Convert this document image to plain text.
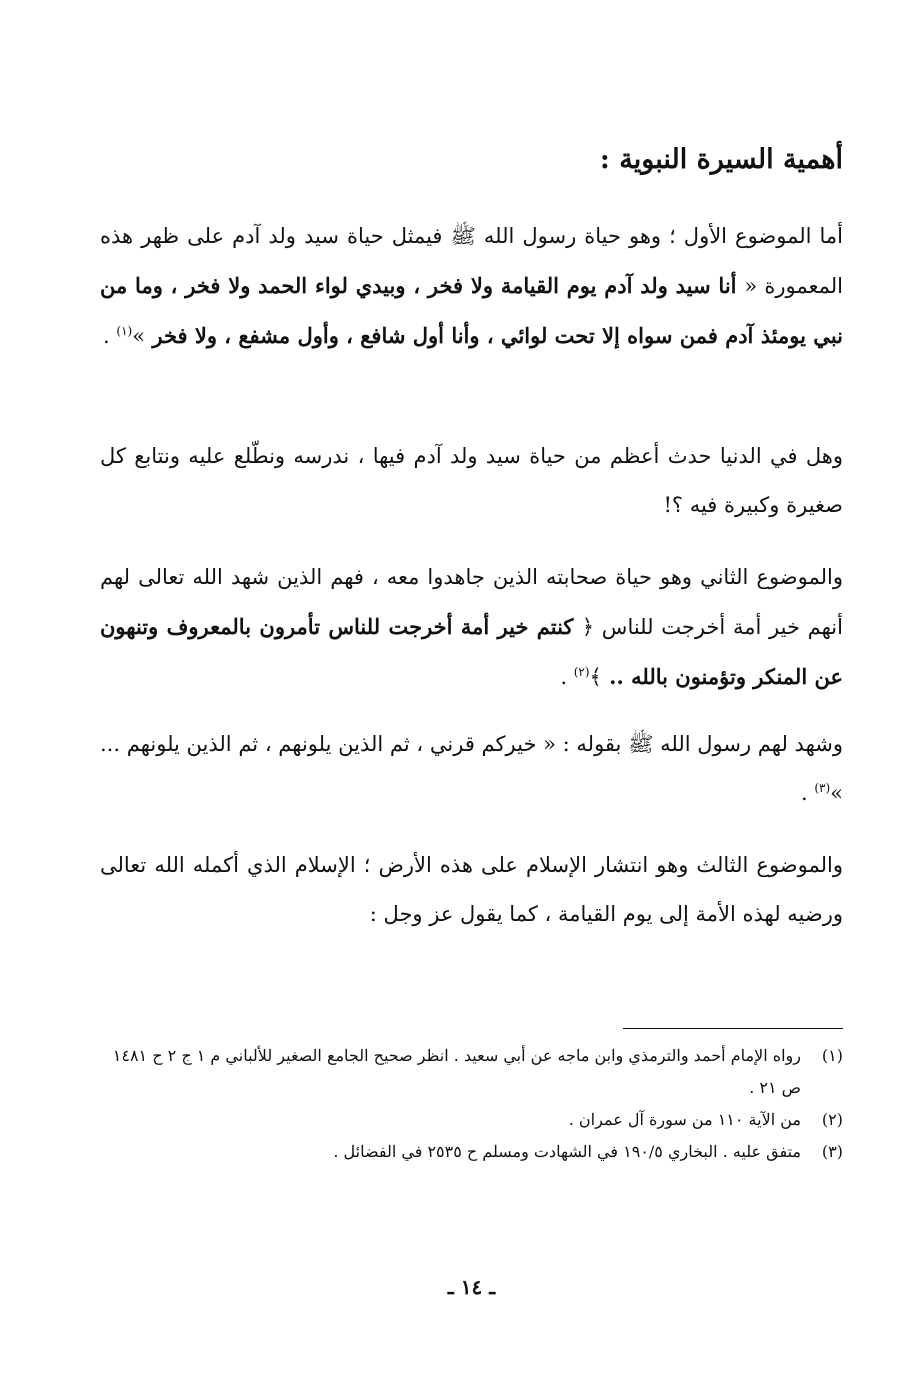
أهمية السيرة النبوية :

أما الموضوع الأول ؛ وهو حياة رسول الله ﷺ فيمثل حياة سيد ولد آدم على ظهر هذه المعمورة « أنا سيد ولد آدم يوم القيامة ولا فخر ، وبيدي لواء الحمد ولا فخر ، وما من نبي يومئذ آدم فمن سواه إلا تحت لوائي ، وأنا أول شافع ، وأول مشفع ، ولا فخر »$^{(١)}$ .

وهل في الدنيا حدث أعظم من حياة سيد ولد آدم فيها ، ندرسه ونطّلع عليه ونتابع كل صغيرة وكبيرة فيه ؟!

والموضوع الثاني وهو حياة صحابته الذين جاهدوا معه ، فهم الذين شهد الله تعالى لهم أنهم خير أمة أخرجت للناس ﴿ كنتم خير أمة أخرجت للناس تأمرون بالمعروف وتنهون عن المنكر وتؤمنون بالله .. ﴾$^{(٢)}$ .

وشهد لهم رسول الله ﷺ بقوله : « خيركم قرني ، ثم الذين يلونهم ، ثم الذين يلونهم ... »$^{(٣)}$ .

والموضوع الثالث وهو انتشار الإسلام على هذه الأرض ؛ الإسلام الذي أكمله الله تعالى ورضيه لهذه الأمة إلى يوم القيامة ، كما يقول عز وجل :

(١)
رواه الإمام أحمد والترمذي وابن ماجه عن أبي سعيد . انظر صحيح الجامع الصغير للألباني م ١ ج ٢ ح ١٤٨١ ص ٢١ .
(٢)
من الآية ١١٠ من سورة آل عمران .
(٣)
متفق عليه . البخاري ١٩٠/٥ في الشهادت ومسلم ح ٢٥٣٥ في الفضائل .
ـ ١٤ ـ
